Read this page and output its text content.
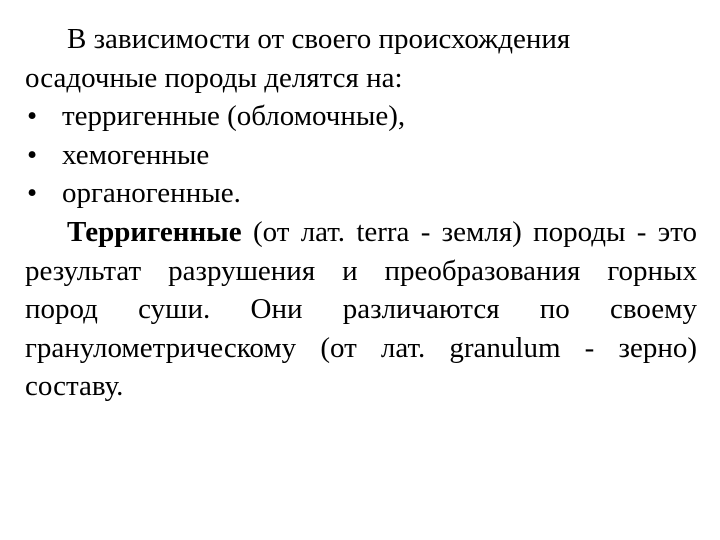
В зависимости от своего происхождения осадочные породы делятся на:

• терригенные (обломочные),
• хемогенные
• органогенные.

Терригенные (от лат. terra - земля) породы - это результат разрушения и преобразования горных пород суши. Они различаются по своему гранулометрическому (от лат. granulum - зерно) составу.
